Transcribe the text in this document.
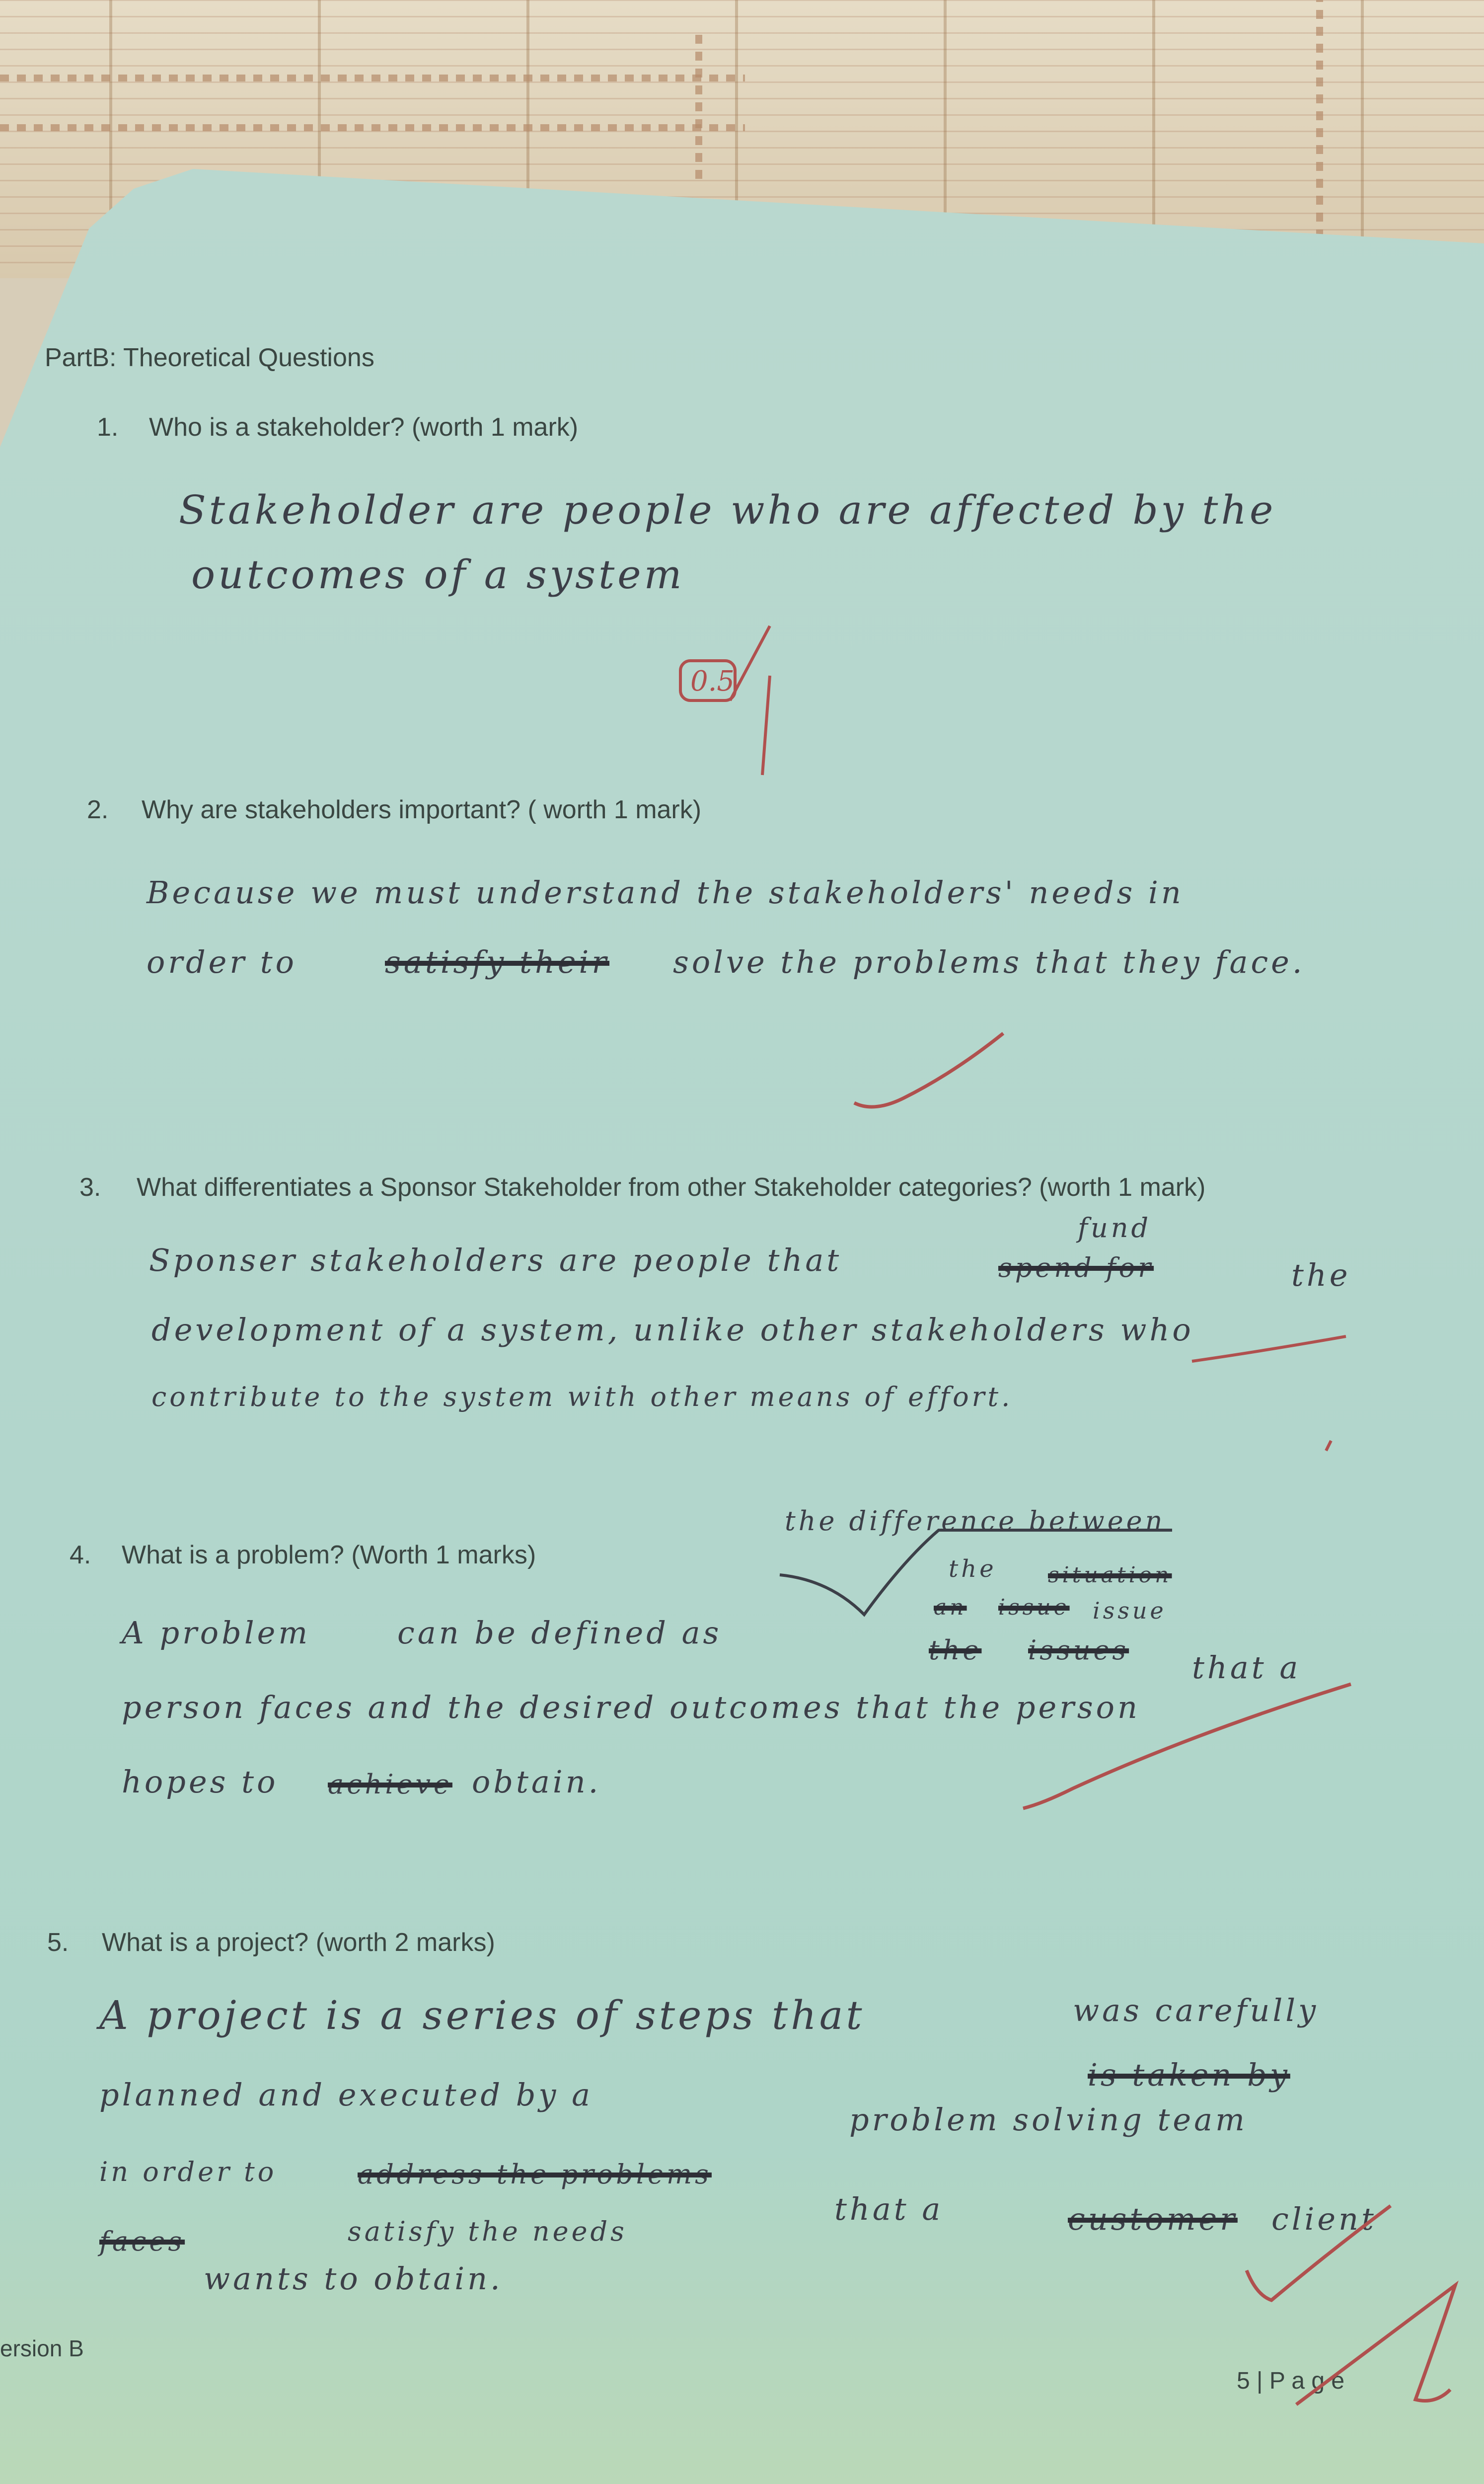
PartB: Theoretical Questions
1. Who is a stakeholder? (worth 1 mark)
Stakeholder are people who are affected by the
outcomes of a system
0.5
2. Why are stakeholders important? ( worth 1 mark)
Because we must understand the stakeholders' needs in
order to	satisfy their solve the problems that they face.
3. What differentiates a Sponsor Stakeholder from other Stakeholder categories? (worth 1 mark)
Sponser stakeholders are people that	spend for
fund
the
development of a system, unlike other stakeholders who
contribute to the system with other means of effort.
4. What is a problem? (Worth 1 marks)
the difference between
the situation
an issue issue
A problem	can be defined as	the issues that a
person faces and the desired outcomes that the person
hopes to achieve obtain.
5. What is a project? (worth 2 marks)
A project is a series of steps that	was carefully
is taken by
planned and executed by a
problem solving team
in order to	address the problems
that a	customer client
satisfy the needs
faces
wants to obtain.
ersion B
5 | P a g e
